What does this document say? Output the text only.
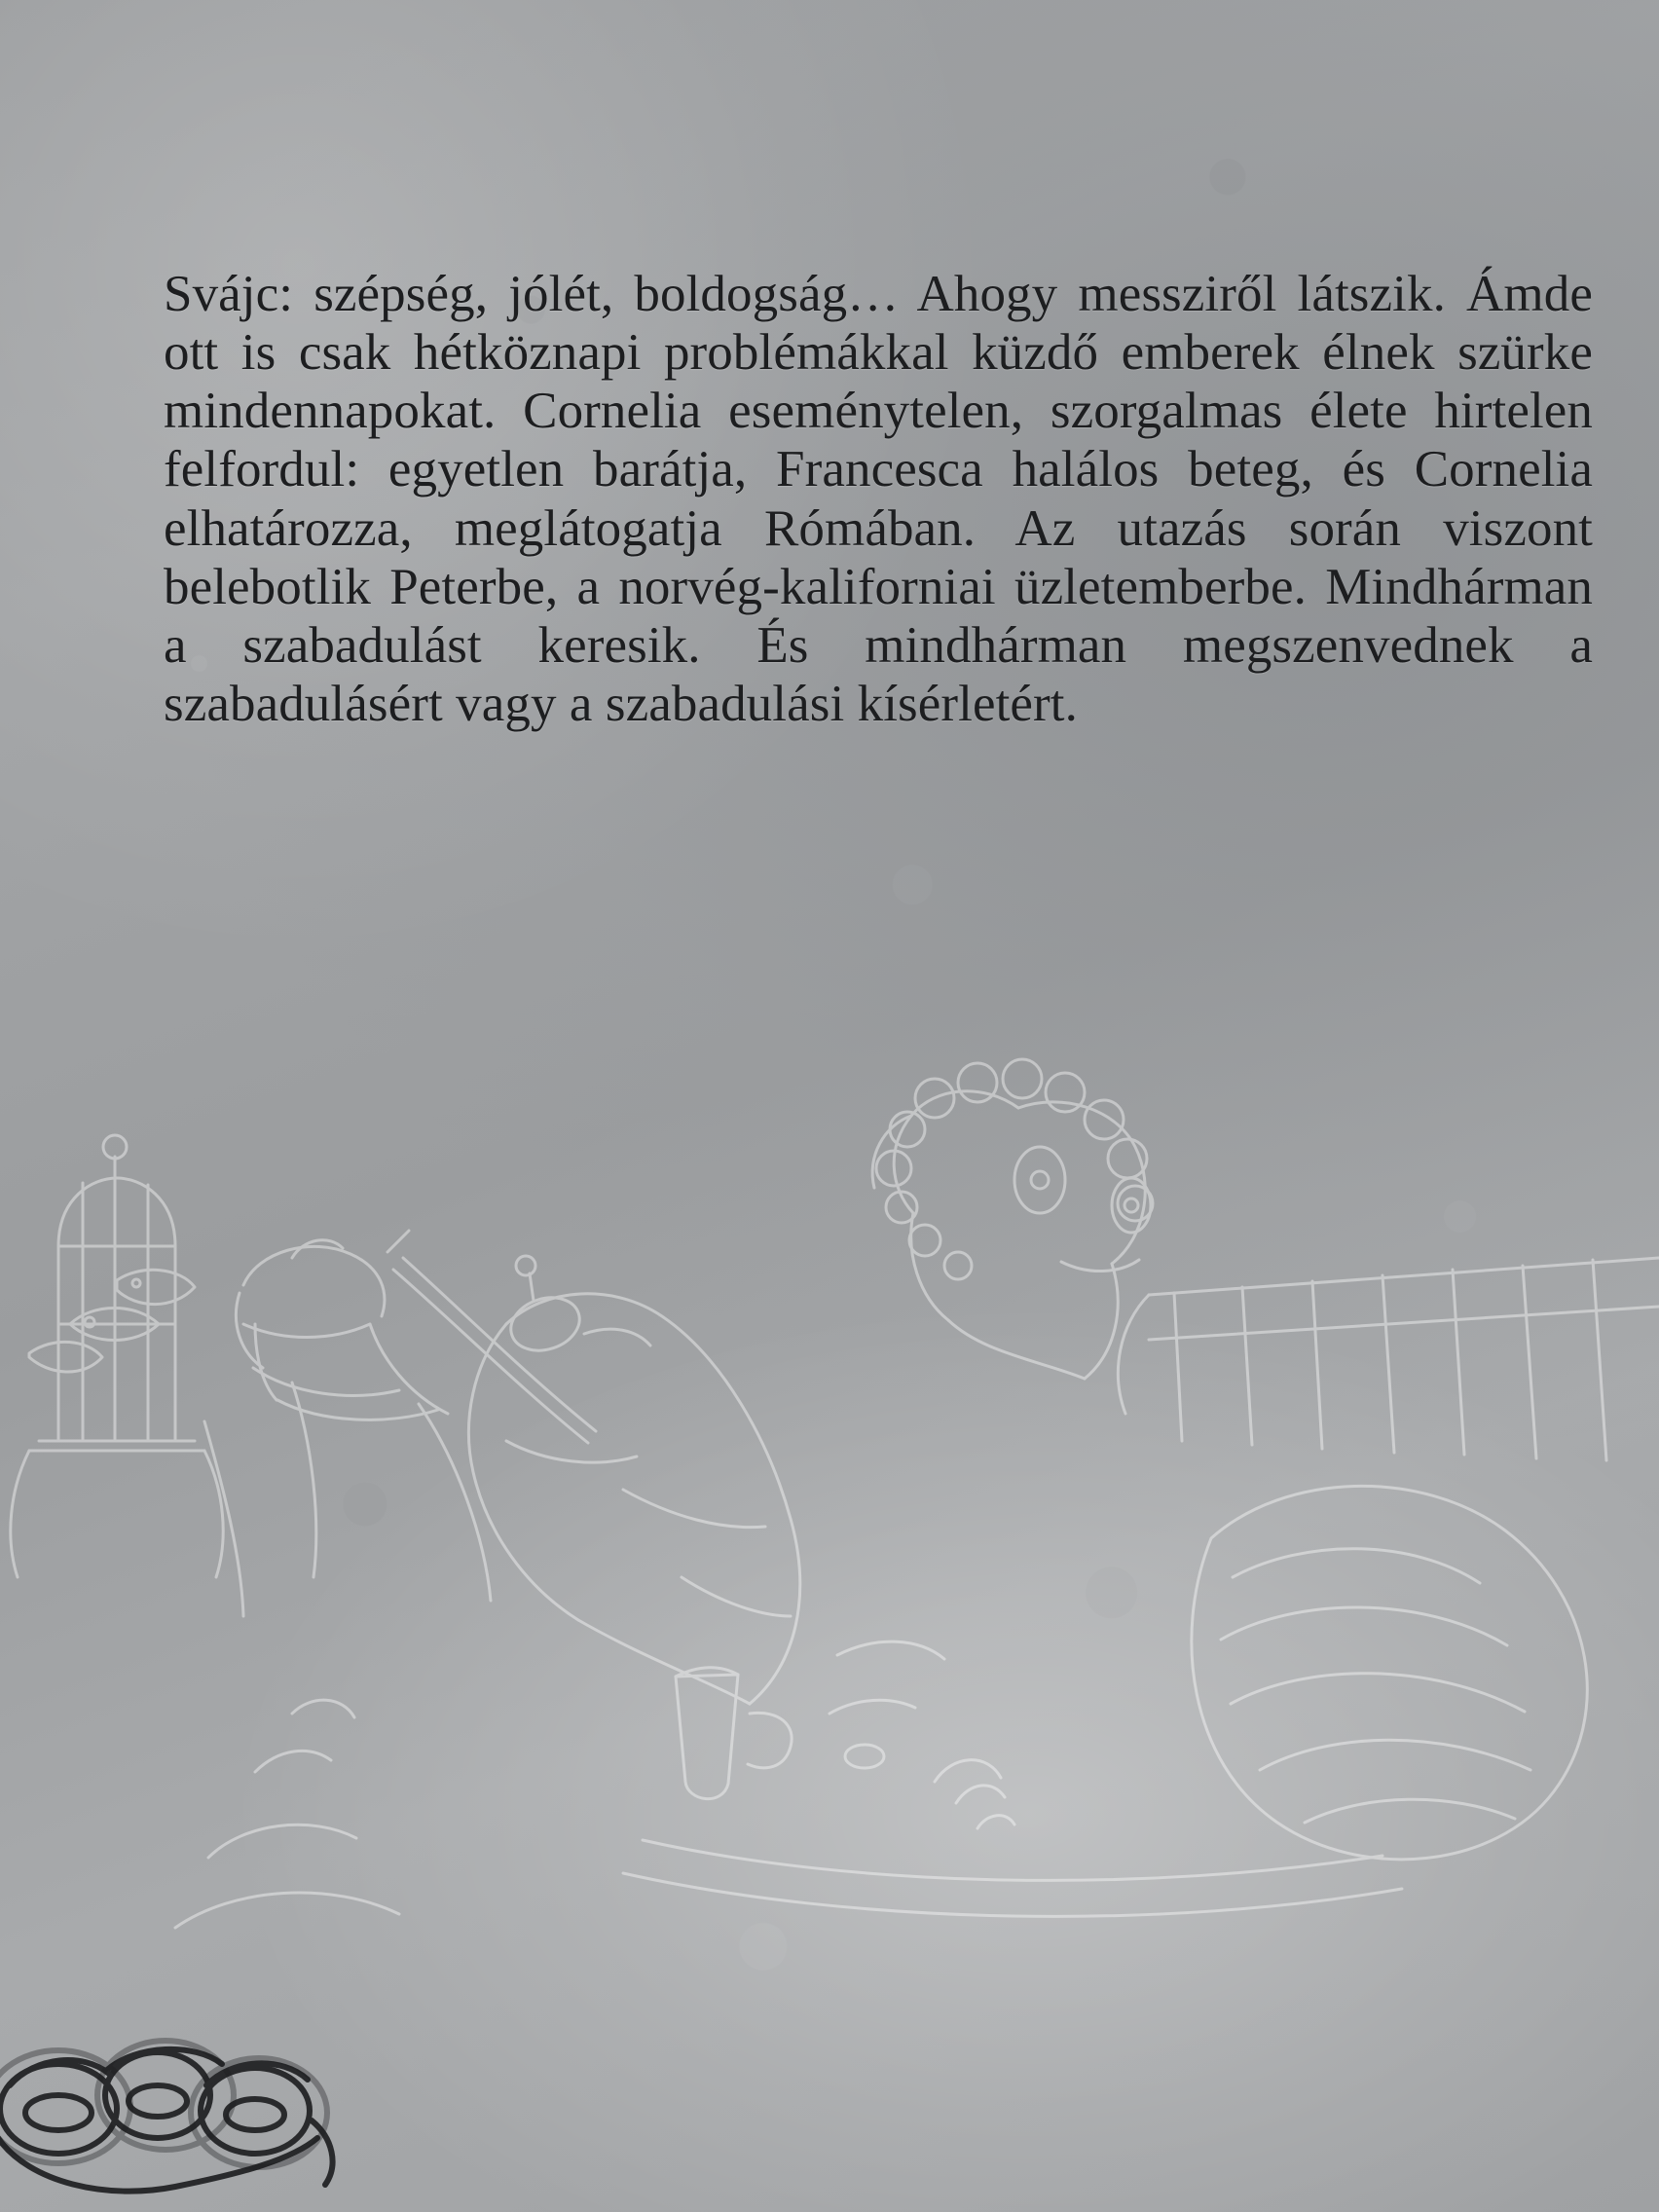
Svájc: szépség, jólét, boldogság… Ahogy messziről látszik. Ámde ott is csak hétköznapi problémákkal küzdő emberek élnek szürke mindennapokat. Cornelia eseménytelen, szorgalmas élete hirtelen felfordul: egyetlen barátja, Francesca halálos beteg, és Cornelia elhatározza, meglátogatja Rómában. Az utazás során viszont belebotlik Peterbe, a norvég-kaliforniai üzletemberbe. Mindhárman a szabadulást keresik. És mindhárman megszenvednek a szabadulásért vagy a szabadulási kísérletért.
